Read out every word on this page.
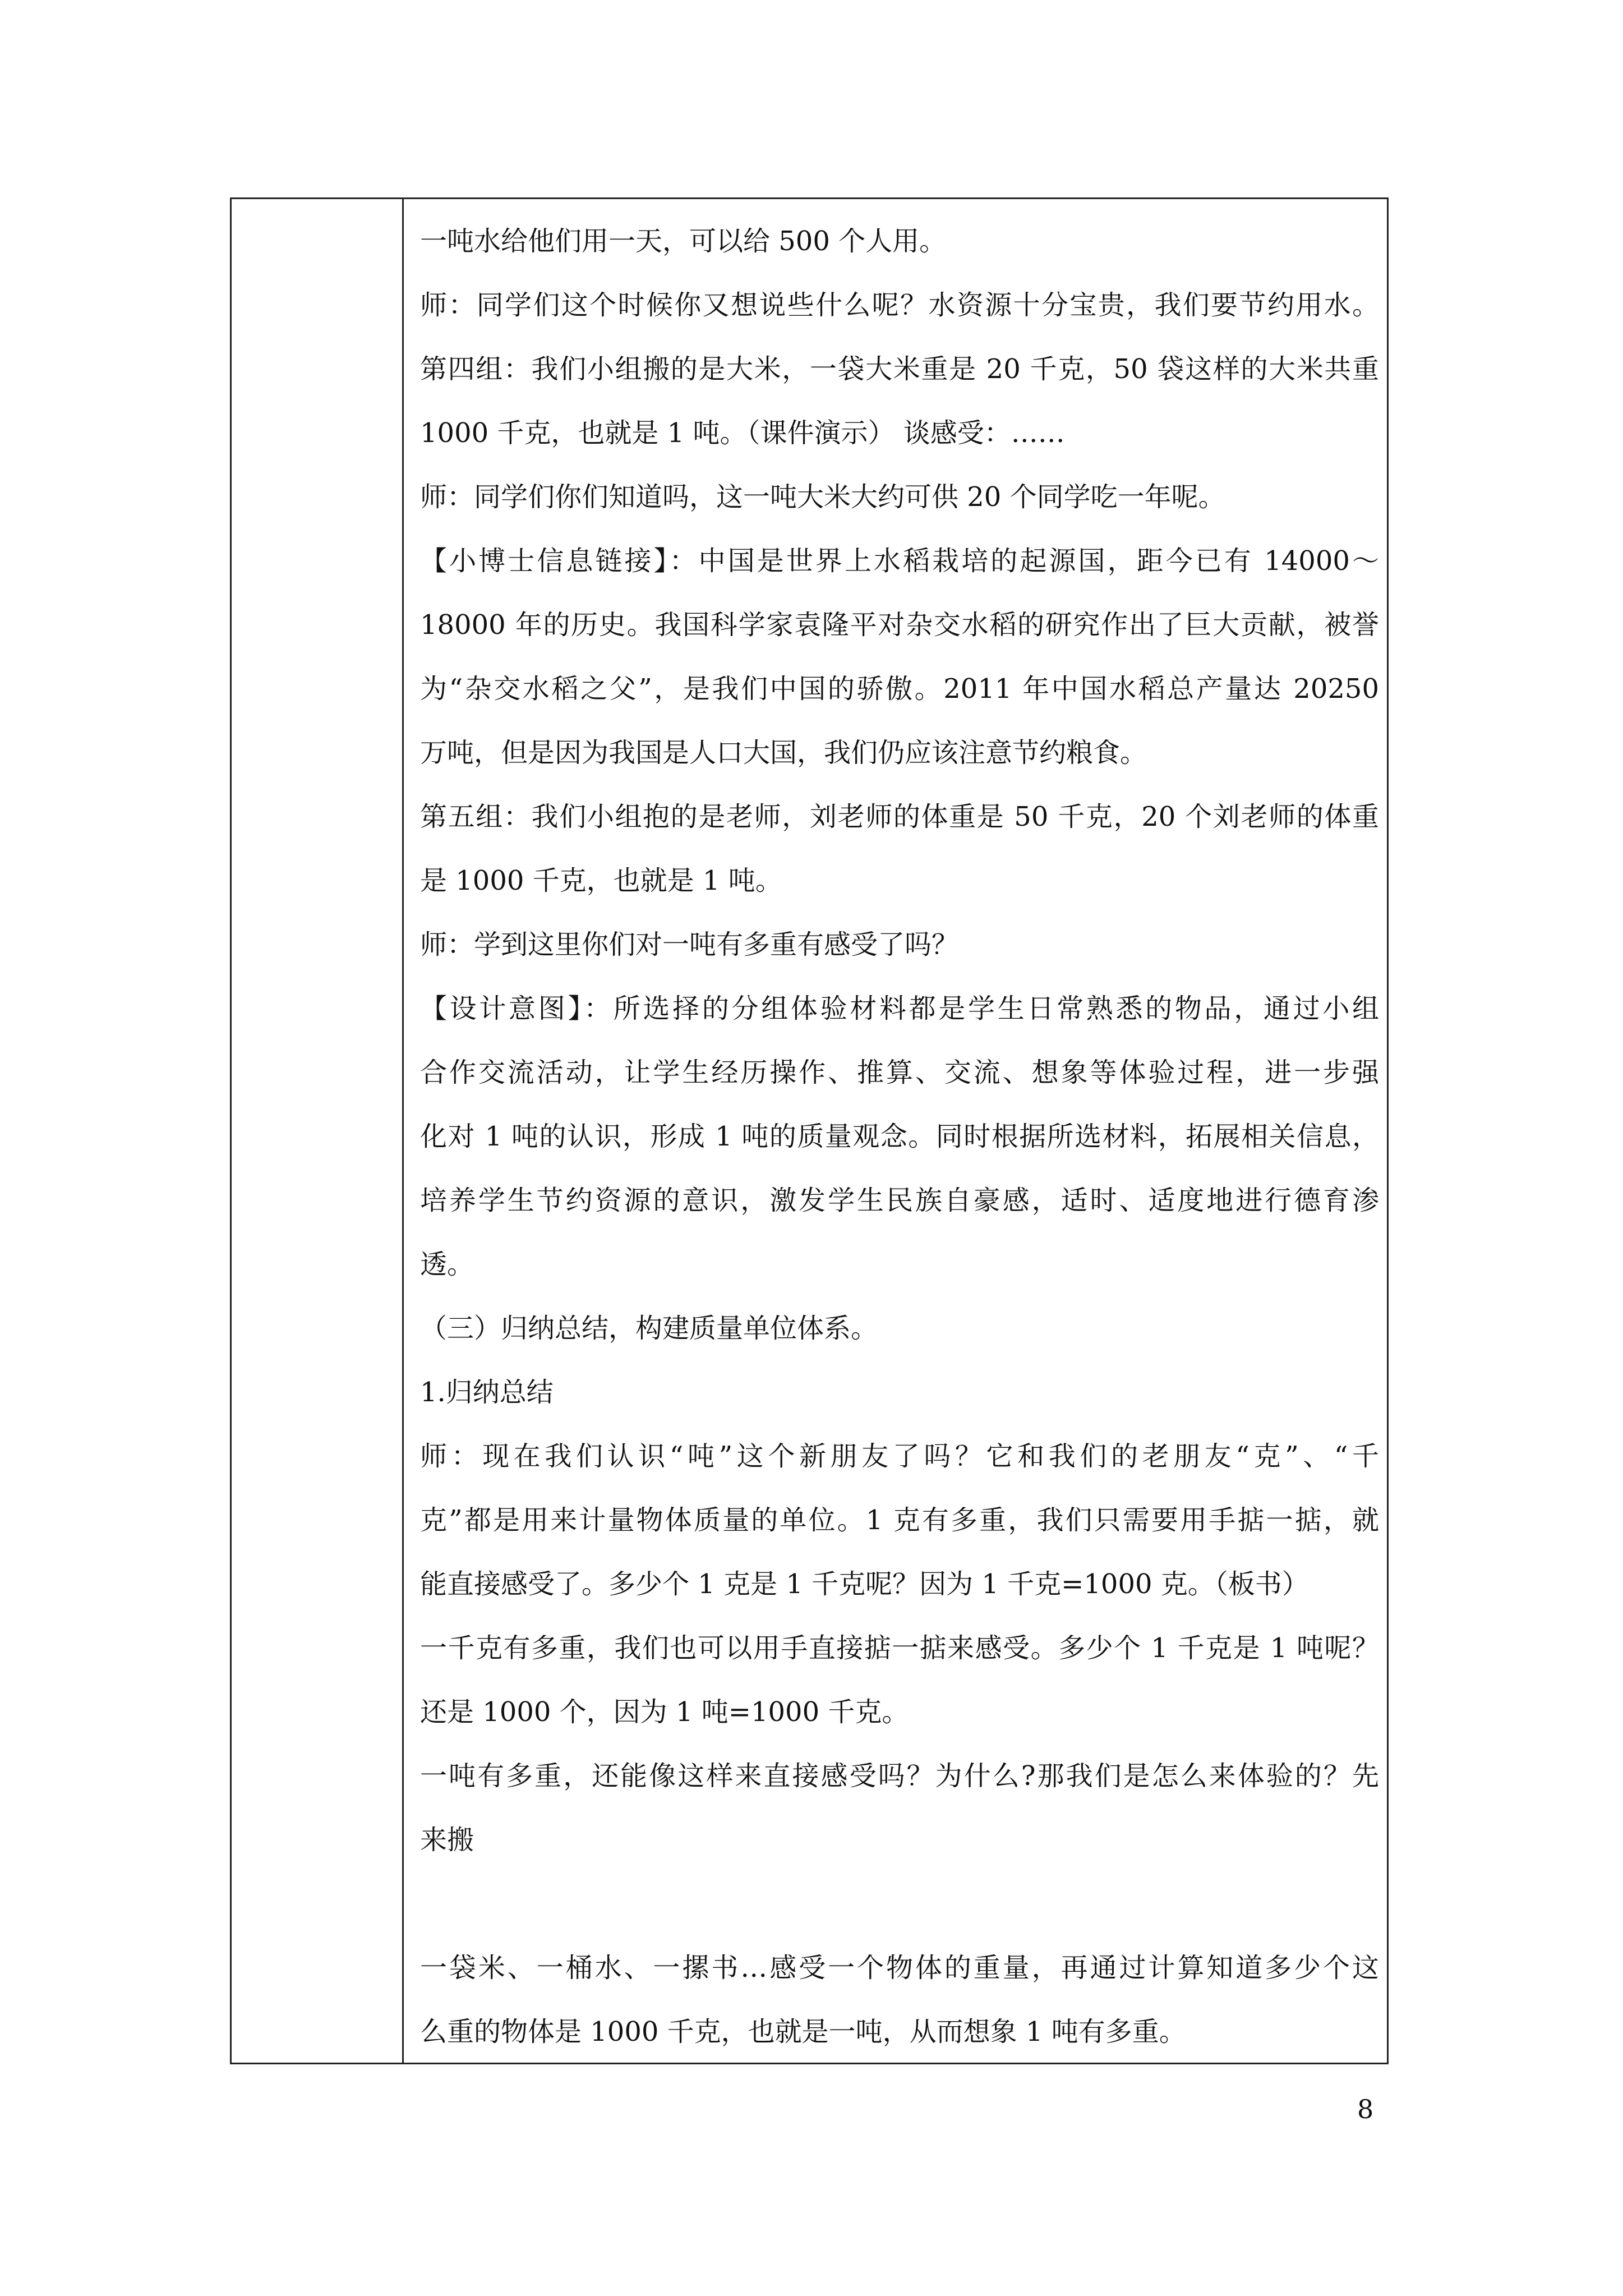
一吨水给他们用一天，可以给 500 个人用。
师：同学们这个时候你又想说些什么呢？水资源十分宝贵，我们要节约用水。
第四组：我们小组搬的是大米，一袋大米重是 20 千克，50 袋这样的大米共重
1000 千克，也就是 1 吨。（课件演示） 谈感受：……
师：同学们你们知道吗，这一吨大米大约可供 20 个同学吃一年呢。
【小博士信息链接】：中国是世界上水稻栽培的起源国，距今已有 14000～
18000 年的历史。我国科学家袁隆平对杂交水稻的研究作出了巨大贡献，被誉
为“杂交水稻之父”，是我们中国的骄傲。2011 年中国水稻总产量达 20250
万吨，但是因为我国是人口大国，我们仍应该注意节约粮食。
第五组：我们小组抱的是老师，刘老师的体重是 50 千克，20 个刘老师的体重
是 1000 千克，也就是 1 吨。
师：学到这里你们对一吨有多重有感受了吗？
【设计意图】：所选择的分组体验材料都是学生日常熟悉的物品，通过小组
合作交流活动，让学生经历操作、推算、交流、想象等体验过程，进一步强
化对 1 吨的认识，形成 1 吨的质量观念。同时根据所选材料，拓展相关信息，
培养学生节约资源的意识，激发学生民族自豪感，适时、适度地进行德育渗
透。
（三）归纳总结，构建质量单位体系。
1.归纳总结
师：现在我们认识“吨”这个新朋友了吗？它和我们的老朋友“克”、“千
克”都是用来计量物体质量的单位。1 克有多重，我们只需要用手掂一掂，就
能直接感受了。多少个 1 克是 1 千克呢？因为 1 千克=1000 克。（板书）
一千克有多重，我们也可以用手直接掂一掂来感受。多少个 1 千克是 1 吨呢？
还是 1000 个，因为 1 吨=1000 千克。
一吨有多重，还能像这样来直接感受吗？为什么?那我们是怎么来体验的？先
来搬
一袋米、一桶水、一摞书…感受一个物体的重量，再通过计算知道多少个这
么重的物体是 1000 千克，也就是一吨，从而想象 1 吨有多重。
8
